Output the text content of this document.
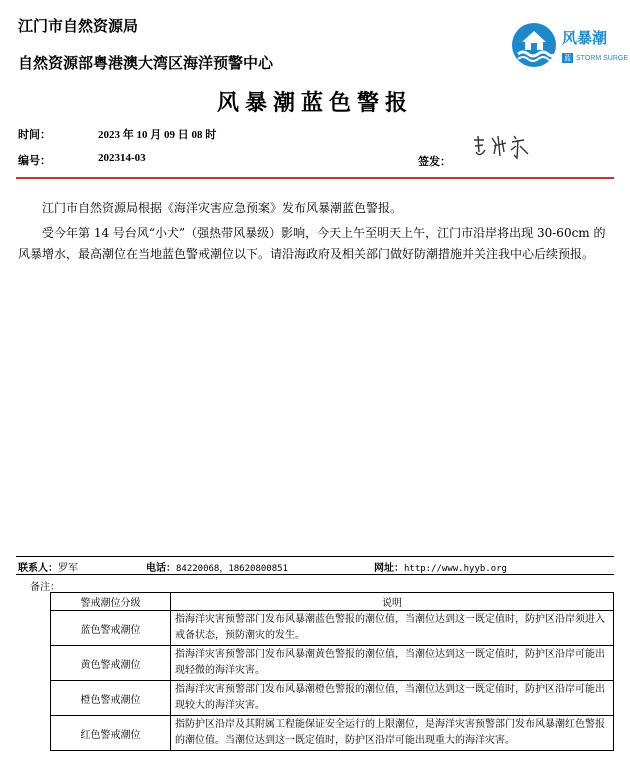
江门市自然资源局
自然资源部粤港澳大湾区海洋预警中心
风暴潮
蓝 STORM SURGE
风暴潮蓝色警报
时间：	2023 年 10 月 09 日 08 时
编号：	202314-03	签发：
江门市自然资源局根据《海洋灾害应急预案》发布风暴潮蓝色警报。
受今年第 14 号台风“小犬”（强热带风暴级）影响，今天上午至明天上午，江门市沿岸将出现 30-60cm 的风暴增水，最高潮位在当地蓝色警戒潮位以下。请沿海政府及相关部门做好防潮措施并关注我中心后续预报。
联系人：罗军	电话：84220068，18620800851	网址：http://www.hyyb.org
备注：
警戒潮位分级	说明
蓝色警戒潮位	指海洋灾害预警部门发布风暴潮蓝色警报的潮位值，当潮位达到这一既定值时，防护区沿岸须进入戒备状态，预防潮灾的发生。
黄色警戒潮位	指海洋灾害预警部门发布风暴潮黄色警报的潮位值，当潮位达到这一既定值时，防护区沿岸可能出现轻微的海洋灾害。
橙色警戒潮位	指海洋灾害预警部门发布风暴潮橙色警报的潮位值，当潮位达到这一既定值时，防护区沿岸可能出现较大的海洋灾害。
红色警戒潮位	指防护区沿岸及其附属工程能保证安全运行的上限潮位，是海洋灾害预警部门发布风暴潮红色警报的潮位值。当潮位达到这一既定值时，防护区沿岸可能出现重大的海洋灾害。
